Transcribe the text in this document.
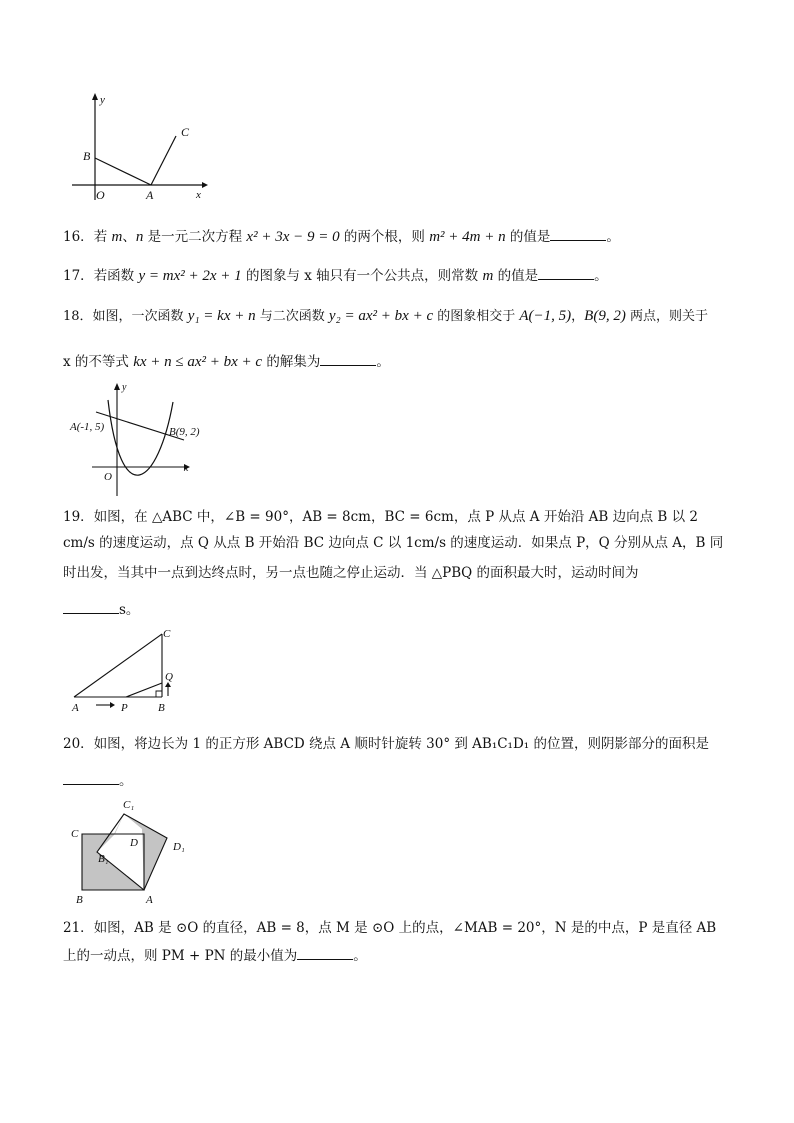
y
x
B
O	A
C
16．若 m、n 是一元二次方程 x² + 3x − 9 = 0 的两个根，则 m² + 4m + n 的值是	。
17．若函数 y = mx² + 2x + 1 的图象与 x 轴只有一个公共点，则常数 m 的值是	。
18．如图，一次函数 y₁ = kx + n 与二次函数 y₂ = ax² + bx + c 的图象相交于 A(−1, 5)，B(9, 2) 两点，则关于
x 的不等式 kx + n ≤ ax² + bx + c 的解集为	。
y
x
O
A(-1, 5)	B(9, 2)
19．如图，在 △ABC 中，∠B = 90°，AB = 8cm，BC = 6cm，点 P 从点 A 开始沿 AB 边向点 B 以 2
cm/s 的速度运动，点 Q 从点 B 开始沿 BC 边向点 C 以 1cm/s 的速度运动．如果点 P，Q 分别从点 A，B 同
时出发，当其中一点到达终点时，另一点也随之停止运动．当 △PBQ 的面积最大时，运动时间为
s。
A	P	B
Q
C
20．如图，将边长为 1 的正方形 ABCD 绕点 A 顺时针旋转 30° 到 AB₁C₁D₁ 的位置，则阴影部分的面积是
。
C₁
C
D	D₁
B₁
B	A
21．如图，AB 是 ⊙O 的直径，AB = 8，点 M 是 ⊙O 上的点，∠MAB = 20°，N 是的中点，P 是直径 AB
上的一动点，则 PM + PN 的最小值为	。
